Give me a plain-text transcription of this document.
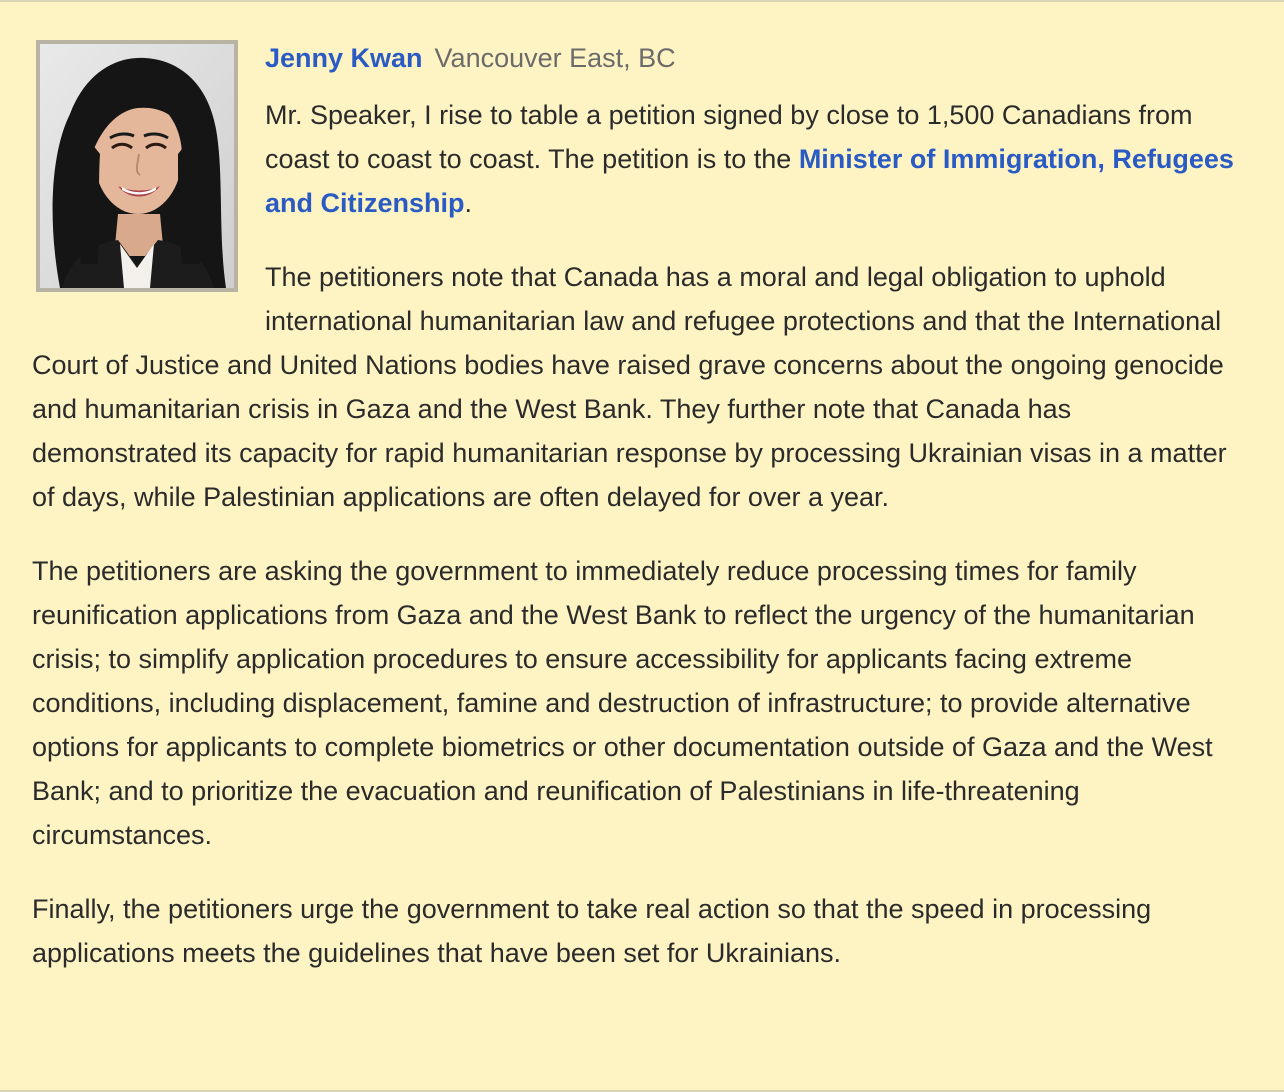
Jenny Kwan Vancouver East, BC

Mr. Speaker, I rise to table a petition signed by close to 1,500 Canadians from coast to coast to coast. The petition is to the Minister of Immigration, Refugees and Citizenship.

The petitioners note that Canada has a moral and legal obligation to uphold international humanitarian law and refugee protections and that the International Court of Justice and United Nations bodies have raised grave concerns about the ongoing genocide and humanitarian crisis in Gaza and the West Bank. They further note that Canada has demonstrated its capacity for rapid humanitarian response by processing Ukrainian visas in a matter of days, while Palestinian applications are often delayed for over a year.

The petitioners are asking the government to immediately reduce processing times for family reunification applications from Gaza and the West Bank to reflect the urgency of the humanitarian crisis; to simplify application procedures to ensure accessibility for applicants facing extreme conditions, including displacement, famine and destruction of infrastructure; to provide alternative options for applicants to complete biometrics or other documentation outside of Gaza and the West Bank; and to prioritize the evacuation and reunification of Palestinians in life-threatening circumstances.

Finally, the petitioners urge the government to take real action so that the speed in processing applications meets the guidelines that have been set for Ukrainians.
